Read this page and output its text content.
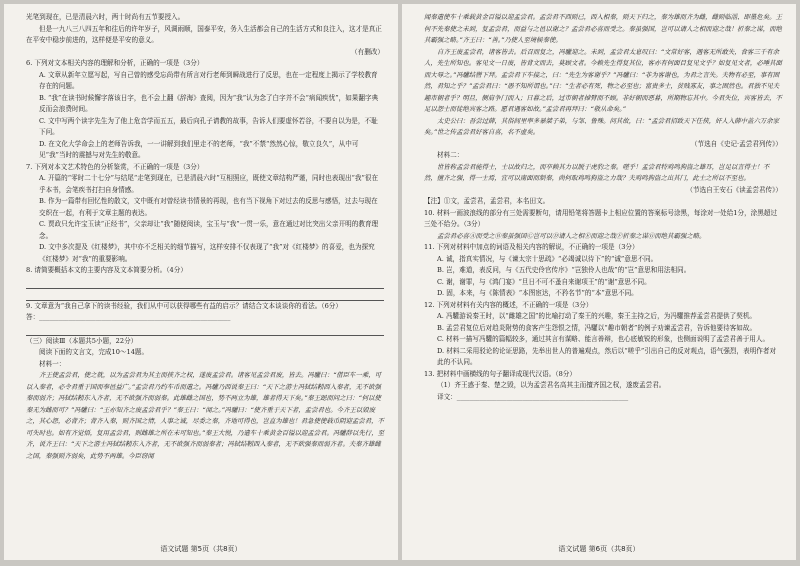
光笔到现在，已是清晨六时，两十时尚有五节要授入。

但是一九八三八四五年和往后的许年岁子，风调雨顺，国泰平安，务入生活都会自己的生活方式和良注入，这才是真正在平安中稳步前进的，这样便是平安的意义。

（有删改）

6. 下列对文本相关内容的理解和分析，正确的一项是（3分）

A. 文章从新年立愿写起，写自己曾的感受忘尚带有所言对行老师到瞬战进行了反思，也在一定程度上揭示了学校教育存在的问题。

B. “我”在读书时候懈字落该日字，也不会上翻《辞海》查阅，因为“我”认为念了白字并不会“病闻疾忧”，如果翻字典反而会浪费时间。

C. 文中写两个读字先生为了他上危音学而五五，最后向孔子请教的故事，告诉人们要虚怀若谷，不要自以为是，不耻下问。

D. 在文化大学命会上的老师告诉我，一一讲解到我们里走不的老师，“我”不禁“然然心惊，敬立良久”，从中可见“我”当时的震撼与对先生的敬意。

7. 下列对本文艺术特色的分析鉴赏，不正确的一项是（3分）

A. 开篇的“零时二十七分”与结尾“走笔到现在，已是清晨六时”互相照应，既使文章结构严谨，同时也表现出“我”很在乎本书，会笔疾书打扫自身情感。

B. 作为一篇带有回忆性的散文，文中既有对曾经读书情景的再现，也有当下视角下对过去的反思与感悟，过去与现在交织在一起，有利于文章主题的表达。

C. 贾政只允许宝玉读“正经书”，父亲却让“我”随便阅读，宝玉与“我”一贯一乐，意在通过对比突出父亲开明的教育理念。

D. 文中多次提及《红楼梦》，其中亦不乏相关的细节描写，这样安排不仅表现了“我”对《红楼梦》的喜爱，也为探究《红楼梦》对“我”的重要影响。

8. 请简要概括本文的主要内容及文本简要分析。（4分）

9. 文章意为“我自己拿下的读书经验，我们从中可以获得哪些有益的启示？请结合文本谈谈你的看法。（6分）

答：__________________________________________________________

（三）阅读Ⅲ（本题共5小题，22分）

阅读下面的文言文，完成10～14题。

材料一：

齐王使孟尝君，使之就，以为孟尝君为其主而挟齐之权，遂废孟尝君。诸客见孟尝君废，皆去。冯驩曰：“借臣车一乘，可以入秦者，必令君重于国而奉邑益广。”孟尝君乃约车币而遣之。冯驩乃西说秦王曰：“天下之游士冯轼结靷西入秦者，无不欲强秦而弱齐；冯轼结靷东入齐者，无不欲强齐而弱秦。此雄雌之国也，势不两立为雄，雄者得天下矣。”秦王跽而问之曰：“何以使秦无为雌而可？”冯驩曰：“王亦知齐之废孟尝君乎？”秦王曰：“闻之。”冯驩曰：“使齐重于天下者，孟尝君也。今齐王以毁废之，其心怨，必背齐；背齐入秦，则齐国之情，人事之诚，尽委之秦，齐地可得也，岂直为雄也！君急使使载币阴迎孟尝君，不可失时也。如有齐觉悟，复用孟尝君，则雌雄之所在未可知也。”秦王大悦，乃遣车十乘黄金百镒以迎孟尝君。冯驩辞以先行，至齐，说齐王曰：“天下之游士冯轼结靷东入齐者，无不欲强齐而弱秦者；冯轼结靷西入秦者，无不欲强秦而弱齐者。夫秦齐雄雌之国，秦强则齐弱矣，此势不两雄。今臣窃闻

语文试题 第5页（共8页）

闻秦遣使车十乘载黄金百镒以迎孟尝君。孟尝君不西则已，西入相秦，则天下归之，秦为雄而齐为雌，雌则临淄、即墨危矣。王何不先秦使之未到，复孟尝君，而益与之邑以谢之？孟尝君必喜而受之。秦虽强国，岂可以请人之相而迎之哉！折秦之谋，而绝其霸强之略。”齐王曰：“善。”乃使人至境候秦使。

自齐王废孟尝君，诸客皆去。后召而复之，冯驩迎之。未到，孟尝君太息叹曰：“文常好客，遇客无所敢失，食客三千有余人，先生所知也。客见文一日废，皆背文而去，莫顾文者。今赖先生得复其位，客亦有何面目复见文乎？如复见文者，必唾其面而大辱之。”冯驩结辔下拜。孟尝君下车接之，曰：“先生为客谢乎？”冯驩曰：“非为客谢也，为君之言失。夫物有必至，事有固然，君知之乎？”孟尝君曰：“愚不知所谓也。”曰：“生者必有死，物之必至也；富贵多士，贫贱寡友，事之固然也。君独不见夫趣市朝者乎？明旦，侧肩争门而入；日暮之后，过市朝者掉臂而不顾。非好朝而恶暮，所期物忘其中。今君失位，宾客皆去，不足以怨士而徒绝宾客之路。愿君遇客如故。”孟尝君再拜曰：“敬从命矣。”

太史公曰：吾尝过薛，其俗闾里率多暴桀子弟，与邹、鲁殊。问其故，曰：“孟尝君招致天下任侠，奸人入薛中盖六万余家矣。”世之传孟尝君好客自喜，名不虚矣。

（节选自《史记·孟尝君列传》）

材料二：

世皆称孟尝君能得士，士以故归之，而卒赖其力以脱于虎豹之秦。嗟乎！孟尝君特鸡鸣狗盗之雄耳，岂足以言得士！不然，擅齐之强，得一士焉，宜可以南面而制秦，尚何取鸡鸣狗盗之力哉？夫鸡鸣狗盗之出其门，此士之所以不至也。

（节选自王安石《读孟尝君传》）

【注】①文，孟尝君，孟尝君，本名田文。

10. 材料一画波浪线的部分有三处需要断句，请用铅笔将答题卡上相应位置的答案标号涂黑，每涂对一处给1分，涂黑超过三处不给分。（3分）

孟尝君必喜Ⓐ而受之Ⓑ秦虽强国Ⓒ岂可以Ⓓ请人之相Ⓔ而迎之哉Ⓕ折秦之谋Ⓖ而绝其霸强之略。

11. 下列对材料中加点的词语及相关内容的解说，不正确的一项是（3分）

A. 诚，指真实情况，与《谏太宗十思疏》“必竭诚以待下”的“诚”意思不同。

B. 岂，难道，表反问，与《五代史伶官传序》“岂独伶人也哉”的“岂”意思和用法相同。

C. 谢，谢罪，与《鸿门宴》“旦日不可不蚤自来谢项王”的“谢”意思不同。

D. 固，本来，与《陈情表》“本图宦达，不矜名节”的“本”意思不同。

12. 下列对材料有关内容的概述，不正确的一项是（3分）

A. 冯驩游说秦王时，以“雌雄之国”的比喻打动了秦王的兴趣，秦王主持之后，为冯驩推荐孟尝君提供了契机。

B. 孟尝君复位后对趋炎附势的食客产生怨恨之情，冯驩以“趣市朝者”的例子劝谏孟尝君，告诉他要待客如故。

C. 材料一描写冯驩的篇幅较多，通过其言有谋略、能言善辩，也心底敏锐的形象，也侧面说明了孟尝君善于用人。

D. 材料二采用驳论的论证思路，先举出世人的普遍观点，然后以“嗟乎”引出自己的反对观点，语气强烈，表明作者对此的不认同。

13. 把材料中画横线的句子翻译成现代汉语。（8分）

（1）齐王惑于秦、楚之毁，以为孟尝君名高其主而擅齐国之权，遂废孟尝君。

译文：____________________________________________________

语文试题 第6页（共8页）
